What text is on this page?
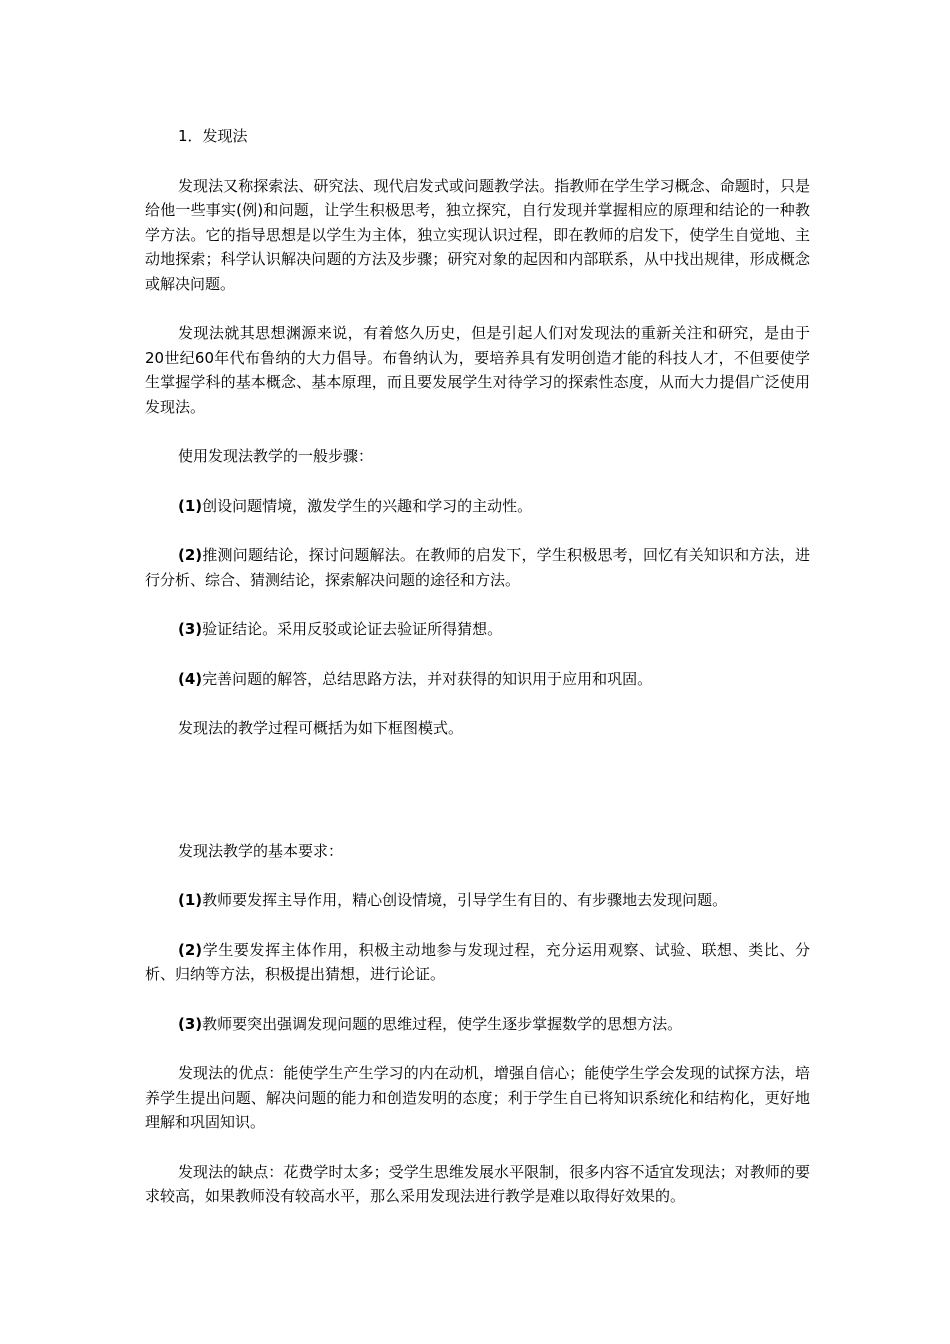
1．发现法

发现法又称探索法、研究法、现代启发式或问题教学法。指教师在学生学习概念、命题时，只是给他一些事实(例)和问题，让学生积极思考，独立探究，自行发现并掌握相应的原理和结论的一种教学方法。它的指导思想是以学生为主体，独立实现认识过程，即在教师的启发下，使学生自觉地、主动地探索；科学认识解决问题的方法及步骤；研究对象的起因和内部联系，从中找出规律，形成概念或解决问题。

发现法就其思想渊源来说，有着悠久历史，但是引起人们对发现法的重新关注和研究，是由于20世纪60年代布鲁纳的大力倡导。布鲁纳认为，要培养具有发明创造才能的科技人才，不但要使学生掌握学科的基本概念、基本原理，而且要发展学生对待学习的探索性态度，从而大力提倡广泛使用发现法。

使用发现法教学的一般步骤：

(1)创设问题情境，激发学生的兴趣和学习的主动性。

(2)推测问题结论，探讨问题解法。在教师的启发下，学生积极思考，回忆有关知识和方法，进行分析、综合、猜测结论，探索解决问题的途径和方法。

(3)验证结论。采用反驳或论证去验证所得猜想。

(4)完善问题的解答，总结思路方法，并对获得的知识用于应用和巩固。

发现法的教学过程可概括为如下框图模式。

发现法教学的基本要求：

(1)教师要发挥主导作用，精心创设情境，引导学生有目的、有步骤地去发现问题。

(2)学生要发挥主体作用，积极主动地参与发现过程，充分运用观察、试验、联想、类比、分析、归纳等方法，积极提出猜想，进行论证。

(3)教师要突出强调发现问题的思维过程，使学生逐步掌握数学的思想方法。

发现法的优点：能使学生产生学习的内在动机，增强自信心；能使学生学会发现的试探方法，培养学生提出问题、解决问题的能力和创造发明的态度；利于学生自已将知识系统化和结构化，更好地理解和巩固知识。

发现法的缺点：花费学时太多；受学生思维发展水平限制，很多内容不适宜发现法；对教师的要求较高，如果教师没有较高水平，那么采用发现法进行教学是难以取得好效果的。
